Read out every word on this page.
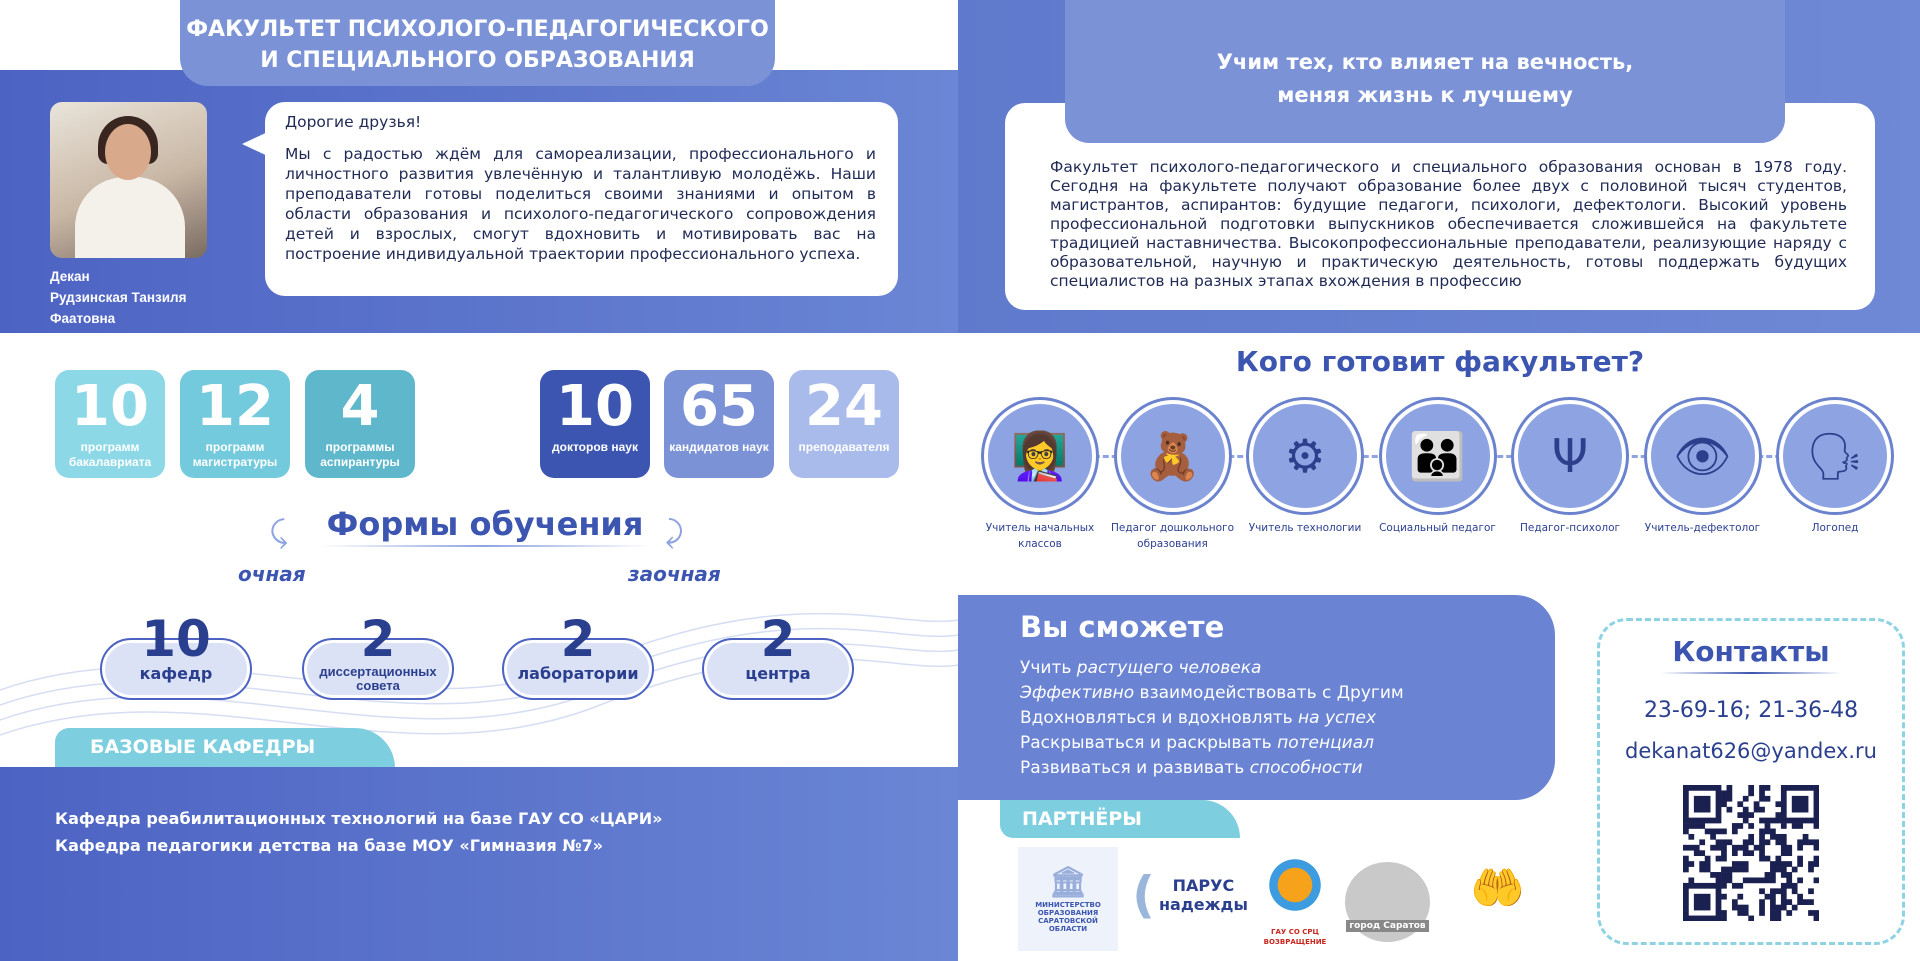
ФАКУЛЬТЕТ ПСИХОЛОГО-ПЕДАГОГИЧЕСКОГО
И СПЕЦИАЛЬНОГО ОБРАЗОВАНИЯ
Декан
Рудзинская Танзиля Фаатовна
Дорогие друзья!
Мы с радостью ждём для самореализации, профессионального и личностного развития увлечённую и талантливую молодёжь. Наши преподаватели готовы поделиться своими знаниями и опытом в области образования и психолого-педагогического сопровождения детей и взрослых, смогут вдохновить и мотивировать вас на построение индивидуальной траектории профессионального успеха.
10
программ бакалавриата
12
программ магистратуры
4
программы аспирантуры
10
докторов наук
65
кандидатов наук
24
преподавателя
Формы обучения
⤹	⤸
очная	заочная
10
кафедр
2
диссертационных совета
2
лаборатории
2
центра
БАЗОВЫЕ КАФЕДРЫ
Кафедра реабилитационных технологий на базе ГАУ СО «ЦАРИ»
Кафедра педагогики детства на базе МОУ «Гимназия №7»
Факультет психолого-педагогического и специального образования основан в 1978 году. Сегодня на факультете получают образование более двух с половиной тысяч студентов, магистрантов, аспирантов: будущие педагоги, психологи, дефектологи. Высокий уровень профессиональной подготовки выпускников обеспечивается сложившейся на факультете традицией наставничества. Высокопрофессиональные преподаватели, реализующие наряду с образовательной, научную и практическую деятельность, готовы поддержать будущих специалистов на разных этапах вхождения в профессию
Учим тех, кто влияет на вечность,
меняя жизнь к лучшему
Кого готовит факультет?
👩‍🏫
Учитель начальных классов
🧸
Педагог дошкольного образования
⚙
Учитель технологии
👪
Социальный педагог
Ψ
Педагог-психолог
👁
Учитель-дефектолог
🗣
Логопед
Вы сможете
Учить растущего человека
Эффективно взаимодействовать с Другим
Вдохновляться и вдохновлять на успех
Раскрываться и раскрывать потенциал
Развиваться и развивать способности
ПАРТНЁРЫ
🏛
МИНИСТЕРСТВО ОБРАЗОВАНИЯ САРАТОВСКОЙ ОБЛАСТИ
(	ПАРУС надежды
ГАУ СО СРЦ ВОЗВРАЩЕНИЕ
город Саратов
🤲
Контакты
23-69-16; 21-36-48
dekanat626@yandex.ru
